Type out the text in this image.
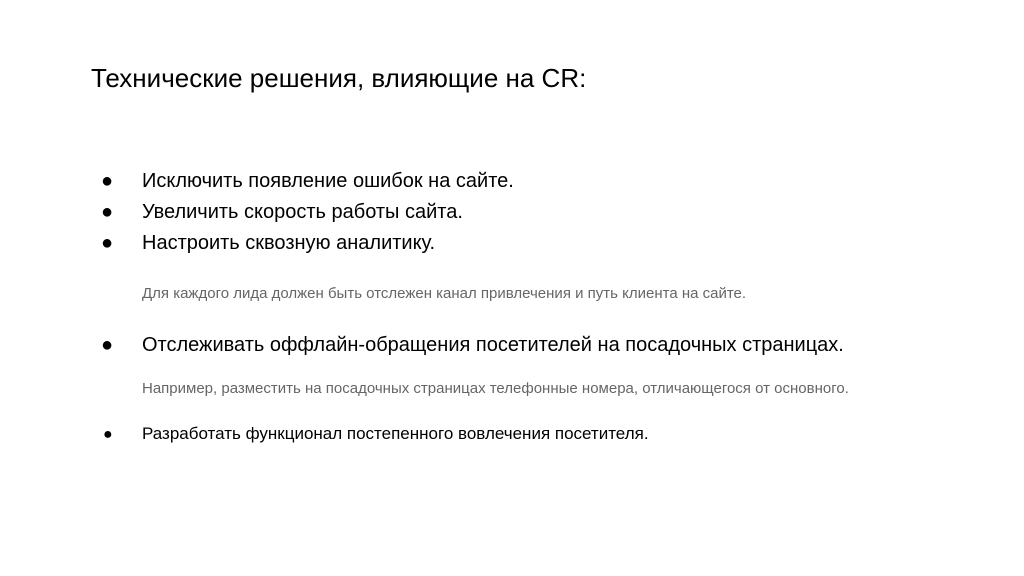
Технические решения, влияющие на CR:
● Исключить появление ошибок на сайте.
● Увеличить скорость работы сайта.
● Настроить сквозную аналитику.
Для каждого лида должен быть отслежен канал привлечения и путь клиента на сайте.
● Отслеживать оффлайн-обращения посетителей на посадочных страницах.
Например, разместить на посадочных страницах телефонные номера, отличающегося от основного.
● Разработать функционал постепенного вовлечения посетителя.
